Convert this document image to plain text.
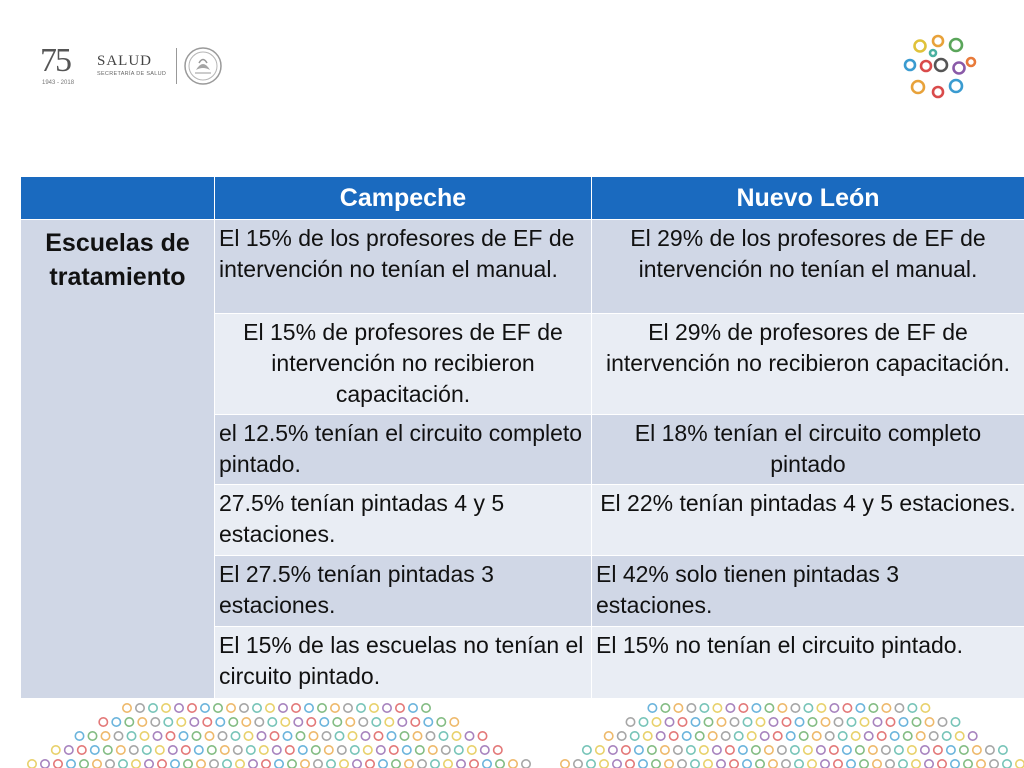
75
1943 - 2018
SALUD
SECRETARÍA DE SALUD
	Campeche	Nuevo León
Escuelas de tratamiento	El 15% de los profesores de EF de intervención no tenían el manual.	El 29% de los profesores de EF de intervención no tenían el manual.
	El 15% de profesores de EF de intervención no recibieron capacitación.	El 29% de profesores de EF de intervención no recibieron capacitación.
	el 12.5% tenían el circuito completo pintado.	El 18% tenían el circuito completo pintado
	27.5% tenían pintadas 4 y 5 estaciones.	El 22% tenían pintadas 4 y 5 estaciones.
	El 27.5% tenían pintadas 3 estaciones.	El 42% solo tienen pintadas 3 estaciones.
	El 15% de las escuelas no tenían el circuito pintado.	El 15% no tenían el circuito pintado.
